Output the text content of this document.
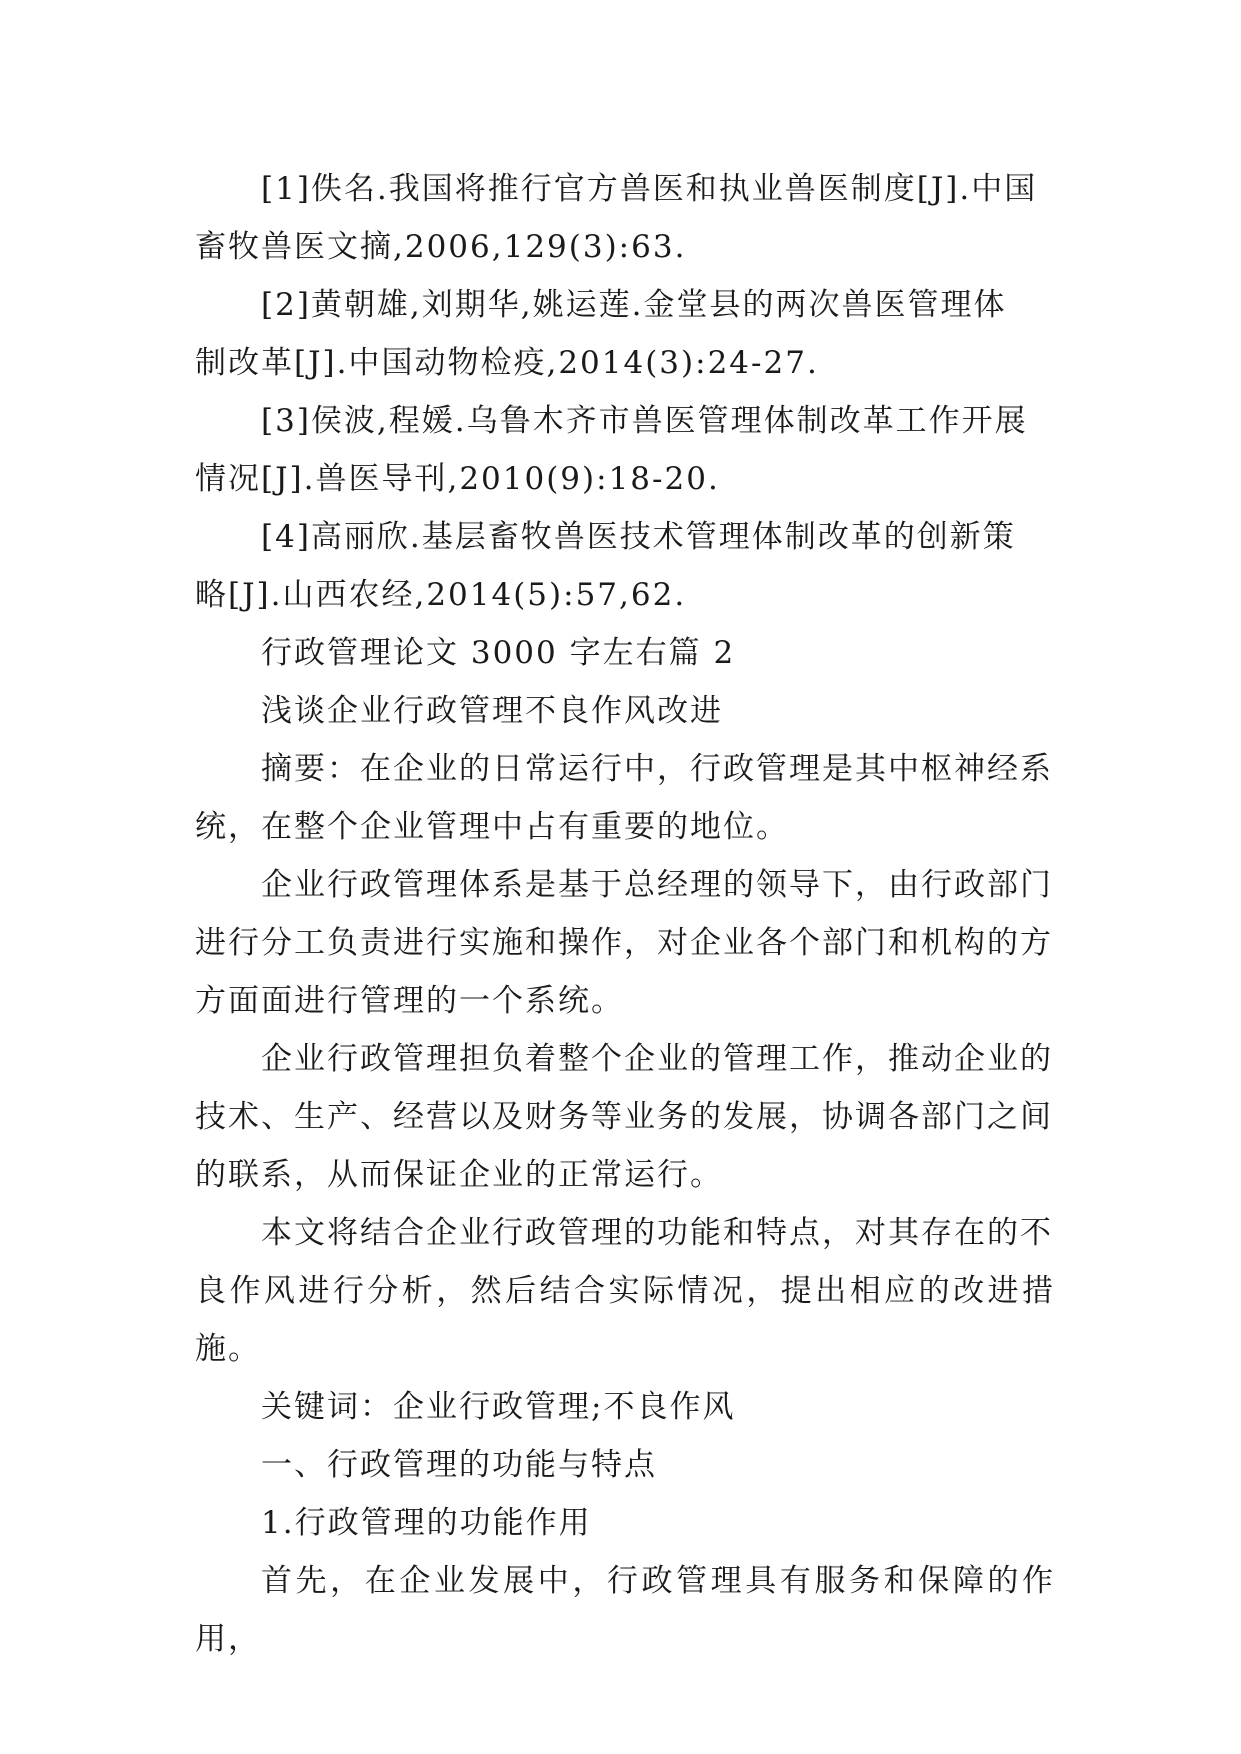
[1]佚名.我国将推行官方兽医和执业兽医制度[J].中国
畜牧兽医文摘,2006,129(3):63.

[2]黄朝雄,刘期华,姚运莲.金堂县的两次兽医管理体
制改革[J].中国动物检疫,2014(3):24-27.

[3]侯波,程媛.乌鲁木齐市兽医管理体制改革工作开展
情况[J].兽医导刊,2010(9):18-20.

[4]高丽欣.基层畜牧兽医技术管理体制改革的创新策
略[J].山西农经,2014(5):57,62.

行政管理论文 3000 字左右篇 2

浅谈企业行政管理不良作风改进

摘要：在企业的日常运行中，行政管理是其中枢神经系
统，在整个企业管理中占有重要的地位。

企业行政管理体系是基于总经理的领导下，由行政部门
进行分工负责进行实施和操作，对企业各个部门和机构的方
方面面进行管理的一个系统。

企业行政管理担负着整个企业的管理工作，推动企业的
技术、生产、经营以及财务等业务的发展，协调各部门之间
的联系，从而保证企业的正常运行。

本文将结合企业行政管理的功能和特点，对其存在的不
良作风进行分析，然后结合实际情况，提出相应的改进措施。

关键词：企业行政管理;不良作风

一、行政管理的功能与特点

1.行政管理的功能作用

首先，在企业发展中，行政管理具有服务和保障的作用，
